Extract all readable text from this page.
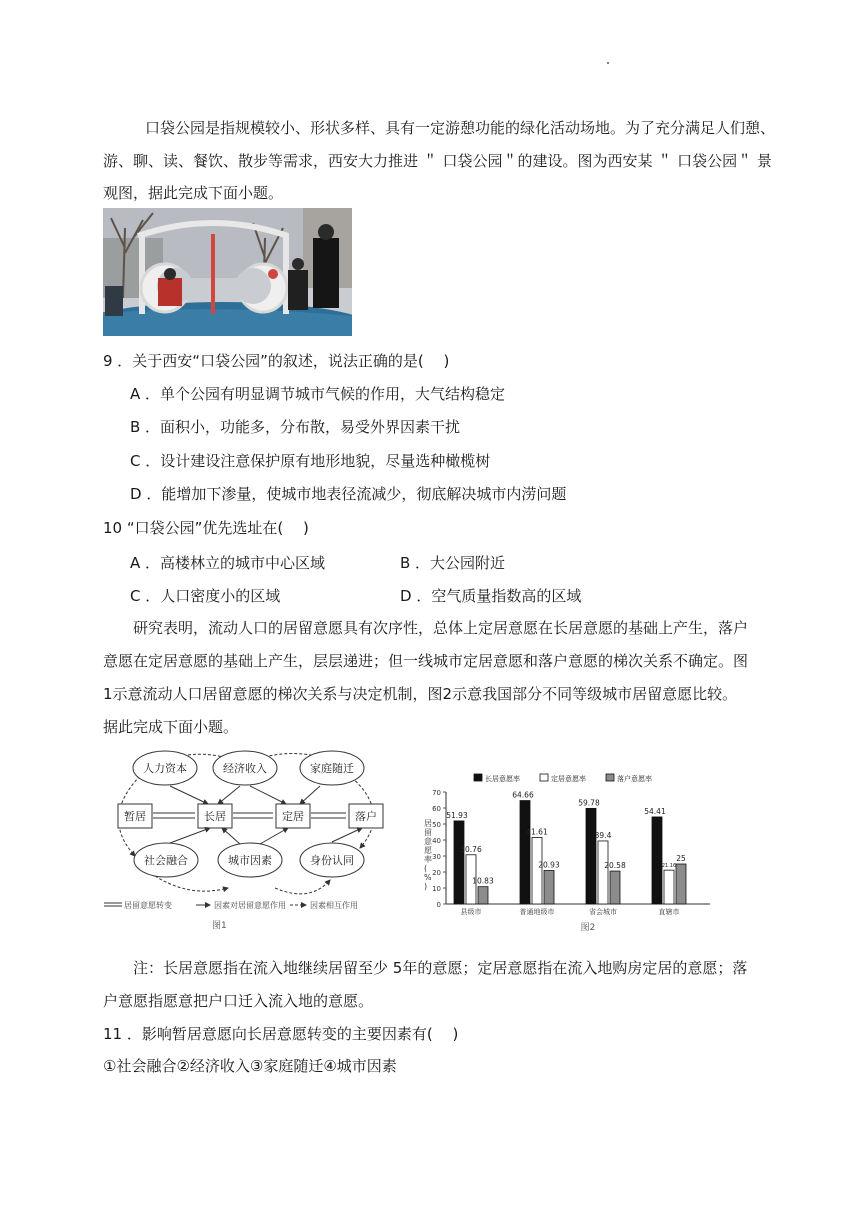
口袋公园是指规模较小、形状多样、具有一定游憩功能的绿化活动场地。为了充分满足人们憩、
游、聊、读、餐饮、散步等需求，西安大力推进 ＂ 口袋公园＂的建设。图为西安某 ＂ 口袋公园＂ 景
观图，据此完成下面小题。
9 ．关于西安“口袋公园”的叙述，说法正确的是(　 )
A ．单个公园有明显调节城市气候的作用，大气结构稳定
B ．面积小，功能多，分布散，易受外界因素干扰
C ．设计建设注意保护原有地形地貌，尽量选种橄榄树
D ．能增加下渗量，使城市地表径流减少，彻底解决城市内涝问题
10 “口袋公园”优先选址在(　 )
A ．高楼林立的城市中心区域	B ．大公园附近
C ．人口密度小的区域	D ．空气质量指数高的区域
研究表明，流动人口的居留意愿具有次序性，总体上定居意愿在长居意愿的基础上产生，落户
意愿在定居意愿的基础上产生，层层递进；但一线城市定居意愿和落户意愿的梯次关系不确定。图
1示意流动人口居留意愿的梯次关系与决定机制，图2示意我国部分不同等级城市居留意愿比较。
据此完成下面小题。
人力资本	经济收入	家庭随迁
暂居	长居	定居	落户
社会融合	城市因素	身份认同
居留意愿转变	因素对居留意愿作用	因素相互作用
图1
长居意愿率	定居意愿率	落户意愿率
0
10
20
30
40
50
60
70
居留意愿率( % )
51.93
30.76
10.83
县级市
64.66
41.61
20.93
普通地级市
59.78
39.4
20.58
省会城市
54.41
21.16
25
直辖市
图2
注：长居意愿指在流入地继续居留至少 5年的意愿；定居意愿指在流入地购房定居的意愿；落
户意愿指愿意把户口迁入流入地的意愿。
11 ．影响暂居意愿向长居意愿转变的主要因素有(　 )
①社会融合②经济收入③家庭随迁④城市因素
